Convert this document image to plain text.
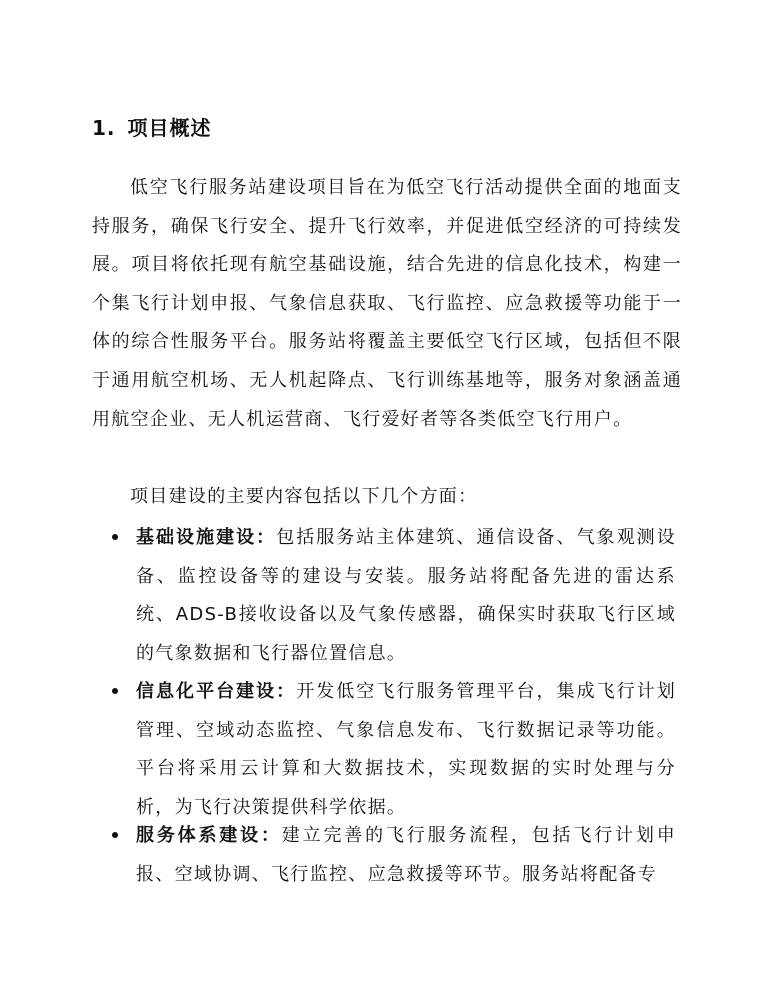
1. 项目概述

低空飞行服务站建设项目旨在为低空飞行活动提供全面的地面支持服务，确保飞行安全、提升飞行效率，并促进低空经济的可持续发展。项目将依托现有航空基础设施，结合先进的信息化技术，构建一个集飞行计划申报、气象信息获取、飞行监控、应急救援等功能于一体的综合性服务平台。服务站将覆盖主要低空飞行区域，包括但不限于通用航空机场、无人机起降点、飞行训练基地等，服务对象涵盖通用航空企业、无人机运营商、飞行爱好者等各类低空飞行用户。

项目建设的主要内容包括以下几个方面：

基础设施建设：包括服务站主体建筑、通信设备、气象观测设备、监控设备等的建设与安装。服务站将配备先进的雷达系统、ADS-B接收设备以及气象传感器，确保实时获取飞行区域的气象数据和飞行器位置信息。
信息化平台建设：开发低空飞行服务管理平台，集成飞行计划管理、空域动态监控、气象信息发布、飞行数据记录等功能。平台将采用云计算和大数据技术，实现数据的实时处理与分析，为飞行决策提供科学依据。
服务体系建设：建立完善的飞行服务流程，包括飞行计划申报、空域协调、飞行监控、应急救援等环节。服务站将配备专
